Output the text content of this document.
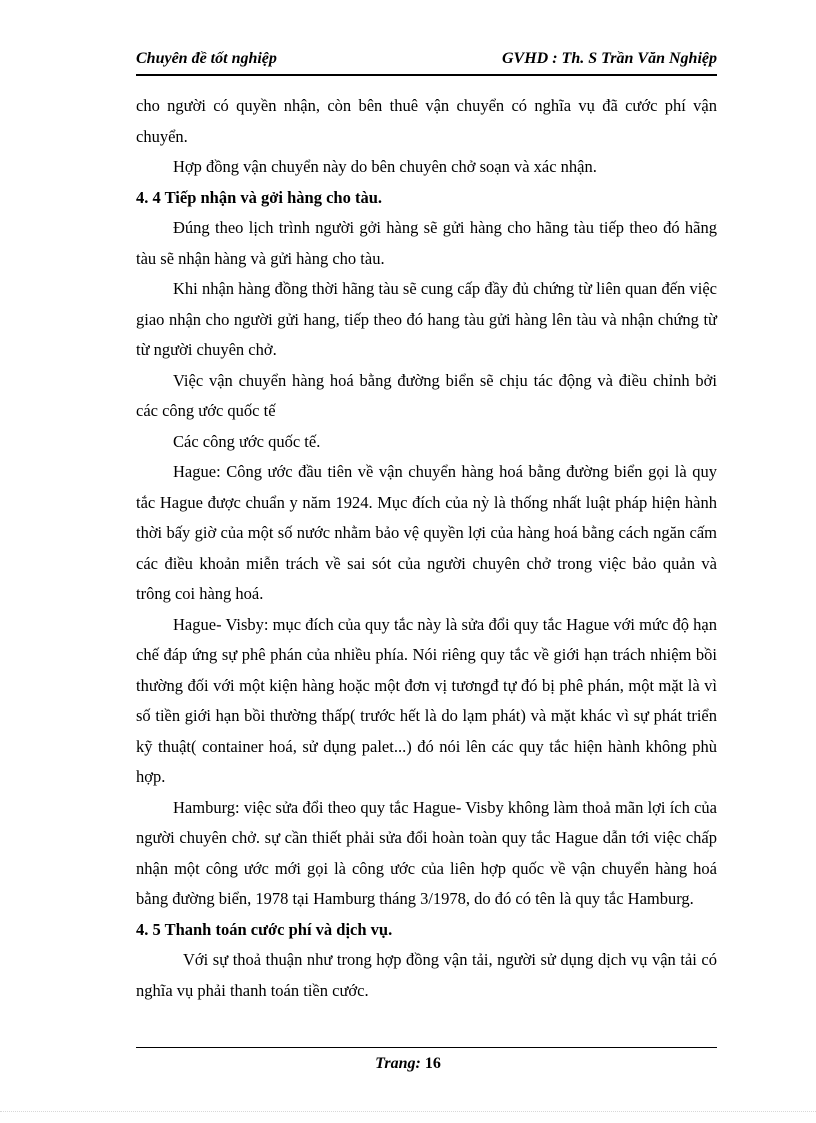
Chuyên đề tốt nghiệp	GVHD : Th. S Trần Văn Nghiệp

cho người có quyền nhận, còn bên thuê vận chuyển có nghĩa vụ đã cước phí vận chuyển.

Hợp đồng vận chuyển này do bên chuyên chở soạn và xác nhận.

4. 4 Tiếp nhận và gởi hàng cho tàu.

Đúng theo lịch trình người gởi hàng sẽ gửi hàng cho hãng tàu tiếp theo đó hãng tàu sẽ nhận hàng và gửi hàng cho tàu.

Khi nhận hàng đồng thời hãng tàu sẽ cung cấp đầy đủ chứng từ liên quan đến việc giao nhận cho người gửi hang, tiếp theo đó hang tàu gửi hàng lên tàu và nhận chứng từ từ người chuyên chở.

Việc vận chuyển hàng hoá bằng đường biển sẽ chịu tác động và điều chỉnh bởi các công ước quốc tế

Các công ước quốc tế.

Hague: Công ước đầu tiên về vận chuyển hàng hoá bằng đường biển gọi là quy tắc Hague được chuẩn y năm 1924. Mục đích của nỳ là thống nhất luật pháp hiện hành thời bấy giờ của một số nước nhằm bảo vệ quyền lợi của hàng hoá bằng cách ngăn cấm các điều khoản miễn trách về sai sót của người chuyên chở trong việc bảo quản và trông coi hàng hoá.

Hague- Visby: mục đích của quy tắc này là sửa đổi quy tắc Hague với mức độ hạn chế đáp ứng sự phê phán của nhiều phía. Nói riêng quy tắc về giới hạn trách nhiệm bồi thường đối với một kiện hàng hoặc một đơn vị tươngđ tự đó bị phê phán, một mặt là vì số tiền giới hạn bồi thường thấp( trước hết là do lạm phát) và mặt khác vì sự phát triển kỹ thuật( container hoá, sử dụng palet...) đó nói lên các quy tắc hiện hành không phù hợp.

Hamburg: việc sửa đổi theo quy tắc Hague- Visby không làm thoả mãn lợi ích của người chuyên chở. sự cần thiết phải sửa đổi hoàn toàn quy tắc Hague dẫn tới việc chấp nhận một công ước mới gọi là công ước của liên hợp quốc về vận chuyển hàng hoá bằng đường biển, 1978 tại Hamburg tháng 3/1978, do đó có tên là quy tắc Hamburg.

4. 5 Thanh toán cước phí và dịch vụ.

Với sự thoả thuận như trong hợp đồng vận tải, người sử dụng dịch vụ vận tải có nghĩa vụ phải thanh toán tiền cước.

Trang: 16
